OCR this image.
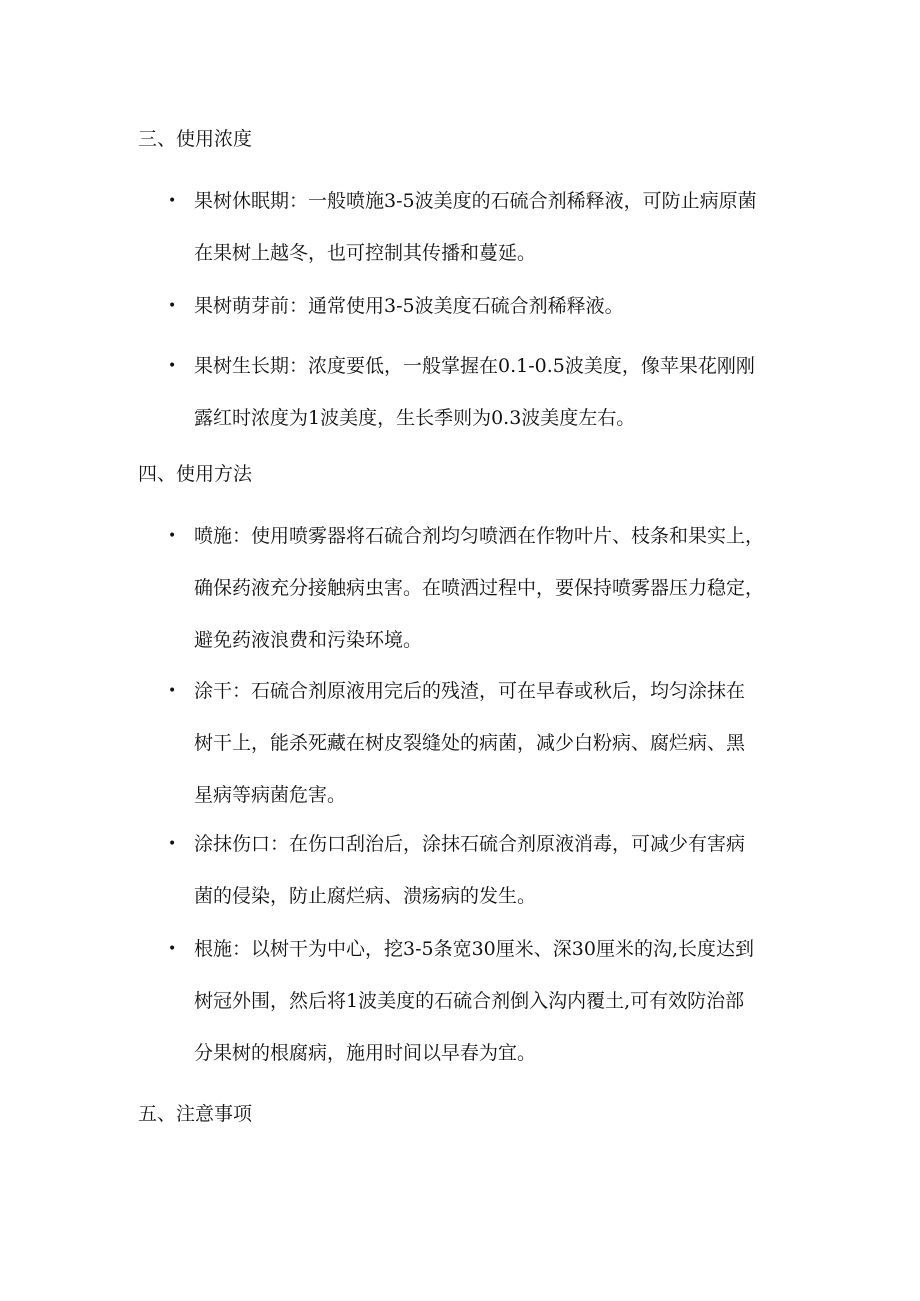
三、使用浓度
• 果树休眠期：一般喷施3-5波美度的石硫合剂稀释液，可防止病原菌
在果树上越冬，也可控制其传播和蔓延。
• 果树萌芽前：通常使用3-5波美度石硫合剂稀释液。
• 果树生长期：浓度要低，一般掌握在0.1-0.5波美度，像苹果花刚刚
露红时浓度为1波美度，生长季则为0.3波美度左右。
四、使用方法
• 喷施：使用喷雾器将石硫合剂均匀喷洒在作物叶片、枝条和果实上，
确保药液充分接触病虫害。在喷洒过程中，要保持喷雾器压力稳定，
避免药液浪费和污染环境。
• 涂干：石硫合剂原液用完后的残渣，可在早春或秋后，均匀涂抹在
树干上，能杀死藏在树皮裂缝处的病菌，减少白粉病、腐烂病、黑
星病等病菌危害。
• 涂抹伤口：在伤口刮治后，涂抹石硫合剂原液消毒，可减少有害病
菌的侵染，防止腐烂病、溃疡病的发生。
• 根施：以树干为中心，挖3-5条宽30厘米、深30厘米的沟,长度达到
树冠外围，然后将1波美度的石硫合剂倒入沟内覆土,可有效防治部
分果树的根腐病，施用时间以早春为宜。
五、注意事项
